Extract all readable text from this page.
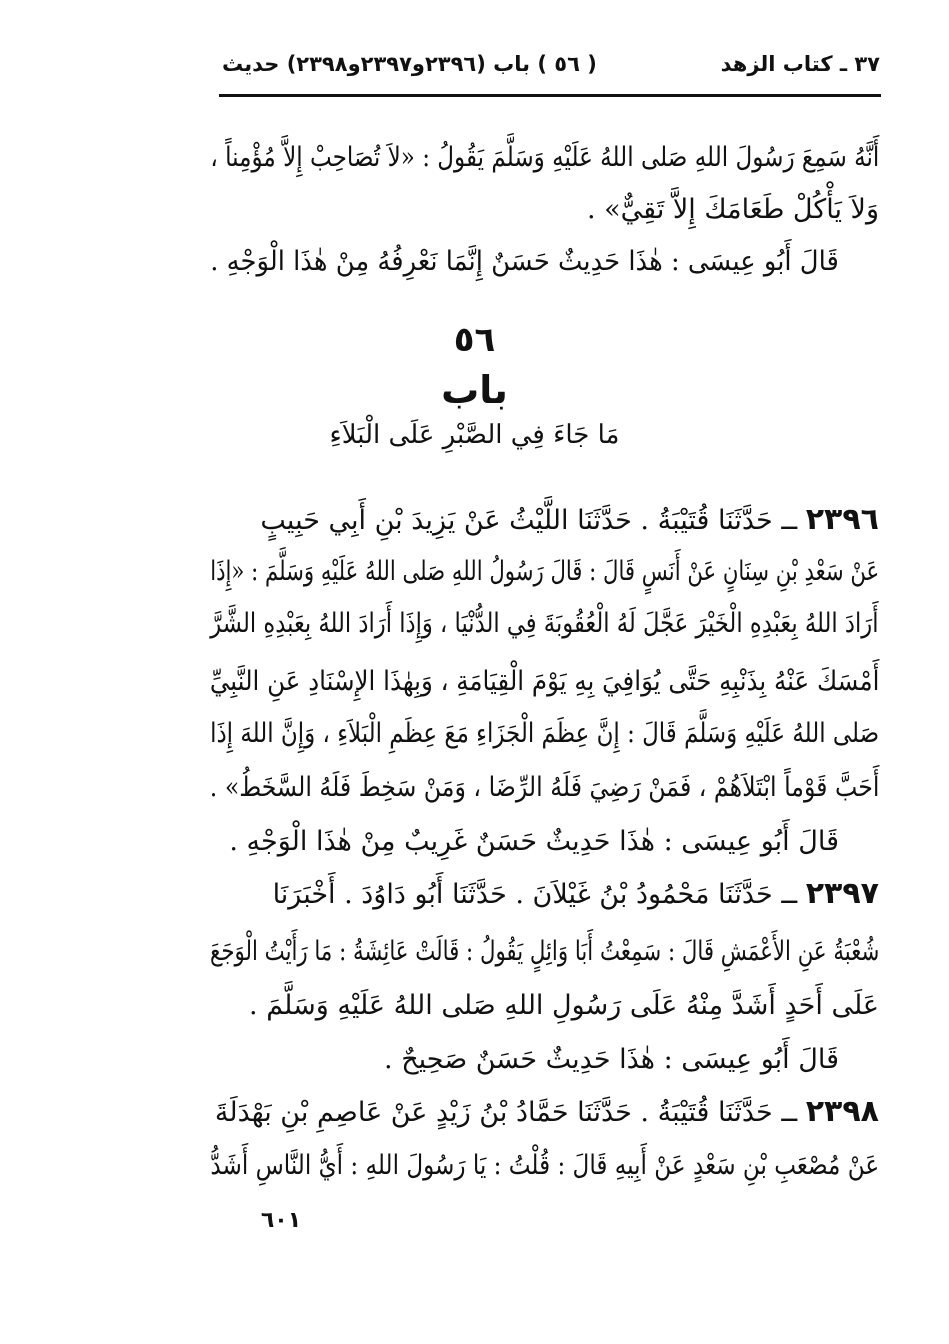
٣٧ ـ كتاب الزهد
( ٥٦ ) باب (٢٣٩٦و٢٣٩٧و٢٣٩٨) حديث
أَنَّهُ سَمِعَ رَسُولَ اللهِ صَلى اللهُ عَلَيْهِ وَسَلَّمَ يَقُولُ : «لاَ تُصَاحِبْ إِلاَّ مُؤْمِناً ،
وَلاَ يَأْكُلْ طَعَامَكَ إِلاَّ تَقِيٌّ» .
قَالَ أَبُو عِيسَى : هٰذَا حَدِيثٌ حَسَنٌ إِنَّمَا نَعْرِفُهُ مِنْ هٰذَا الْوَجْهِ .
٥٦
باب
مَا جَاءَ فِي الصَّبْرِ عَلَى الْبَلاَءِ
٢٣٩٦ ــ حَدَّثَنَا قُتَيْبَةُ . حَدَّثَنَا اللَّيْثُ عَنْ يَزِيدَ بْنِ أَبِي حَبِيبٍ
عَنْ سَعْدِ بْنِ سِنَانٍ عَنْ أَنَسٍ قَالَ : قَالَ رَسُولُ اللهِ صَلى اللهُ عَلَيْهِ وَسَلَّمَ : «إِذَا
أَرَادَ اللهُ بِعَبْدِهِ الْخَيْرَ عَجَّلَ لَهُ الْعُقُوبَةَ فِي الدُّنْيَا ، وَإِذَا أَرَادَ اللهُ بِعَبْدِهِ الشَّرَّ
أَمْسَكَ عَنْهُ بِذَنْبِهِ حَتَّى يُوَافِيَ بِهِ يَوْمَ الْقِيَامَةِ ، وَبِهٰذَا الإِسْنَادِ عَنِ النَّبِيِّ
صَلى اللهُ عَلَيْهِ وَسَلَّمَ قَالَ : إِنَّ عِظَمَ الْجَزَاءِ مَعَ عِظَمِ الْبَلاَءِ ، وَإِنَّ اللهَ إِذَا
أَحَبَّ قَوْماً ابْتَلاَهُمْ ، فَمَنْ رَضِيَ فَلَهُ الرِّضَا ، وَمَنْ سَخِطَ فَلَهُ السَّخَطُ» .
قَالَ أَبُو عِيسَى : هٰذَا حَدِيثٌ حَسَنٌ غَرِيبٌ مِنْ هٰذَا الْوَجْهِ .
٢٣٩٧ ــ حَدَّثَنَا مَحْمُودُ بْنُ غَيْلاَنَ . حَدَّثَنَا أَبُو دَاوُدَ . أَخْبَرَنَا
شُعْبَةُ عَنِ الأَعْمَشِ قَالَ : سَمِعْتُ أَبَا وَائِلٍ يَقُولُ : قَالَتْ عَائِشَةُ : مَا رَأَيْتُ الْوَجَعَ
عَلَى أَحَدٍ أَشَدَّ مِنْهُ عَلَى رَسُولِ اللهِ صَلى اللهُ عَلَيْهِ وَسَلَّمَ .
قَالَ أَبُو عِيسَى : هٰذَا حَدِيثٌ حَسَنٌ صَحِيحٌ .
٢٣٩٨ ــ حَدَّثَنَا قُتَيْبَةُ . حَدَّثَنَا حَمَّادُ بْنُ زَيْدٍ عَنْ عَاصِمِ بْنِ بَهْدَلَةَ
عَنْ مُصْعَبِ بْنِ سَعْدٍ عَنْ أَبِيهِ قَالَ : قُلْتُ : يَا رَسُولَ اللهِ : أَيُّ النَّاسِ أَشَدُّ
٦٠١
